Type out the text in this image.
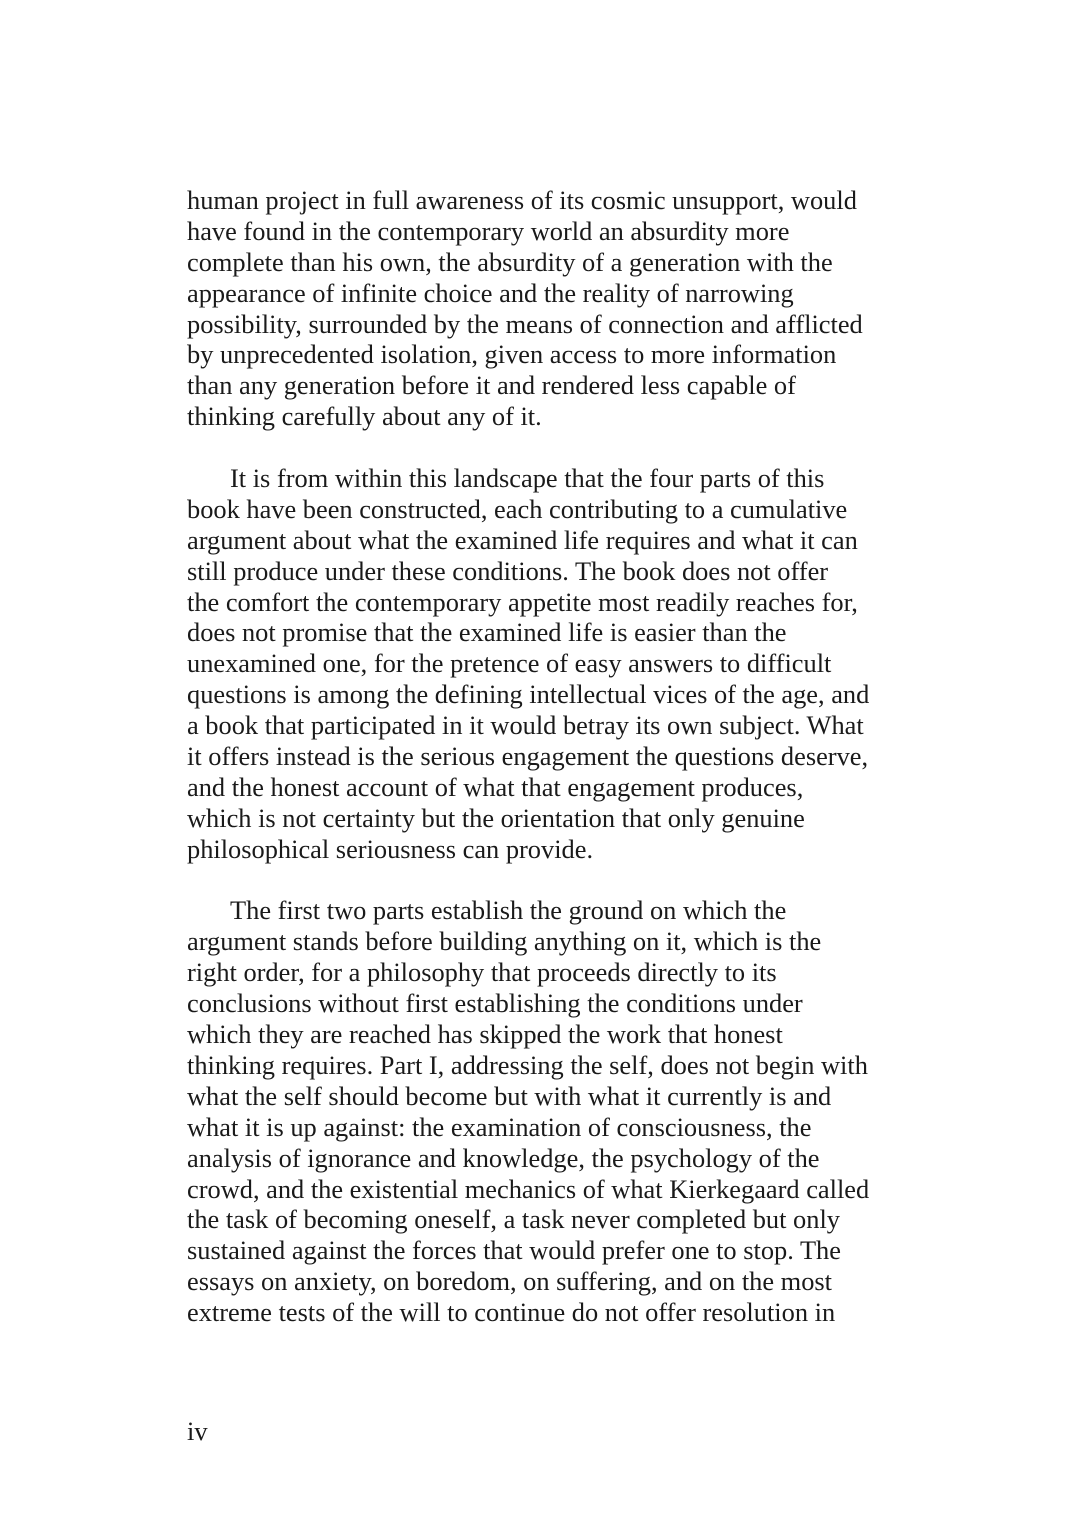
human project in full awareness of its cosmic unsupport, would
have found in the contemporary world an absurdity more
complete than his own, the absurdity of a generation with the
appearance of infinite choice and the reality of narrowing
possibility, surrounded by the means of connection and afflicted
by unprecedented isolation, given access to more information
than any generation before it and rendered less capable of
thinking carefully about any of it.
It is from within this landscape that the four parts of this
book have been constructed, each contributing to a cumulative
argument about what the examined life requires and what it can
still produce under these conditions. The book does not offer
the comfort the contemporary appetite most readily reaches for,
does not promise that the examined life is easier than the
unexamined one, for the pretence of easy answers to difficult
questions is among the defining intellectual vices of the age, and
a book that participated in it would betray its own subject. What
it offers instead is the serious engagement the questions deserve,
and the honest account of what that engagement produces,
which is not certainty but the orientation that only genuine
philosophical seriousness can provide.
The first two parts establish the ground on which the
argument stands before building anything on it, which is the
right order, for a philosophy that proceeds directly to its
conclusions without first establishing the conditions under
which they are reached has skipped the work that honest
thinking requires. Part I, addressing the self, does not begin with
what the self should become but with what it currently is and
what it is up against: the examination of consciousness, the
analysis of ignorance and knowledge, the psychology of the
crowd, and the existential mechanics of what Kierkegaard called
the task of becoming oneself, a task never completed but only
sustained against the forces that would prefer one to stop. The
essays on anxiety, on boredom, on suffering, and on the most
extreme tests of the will to continue do not offer resolution in
iv
